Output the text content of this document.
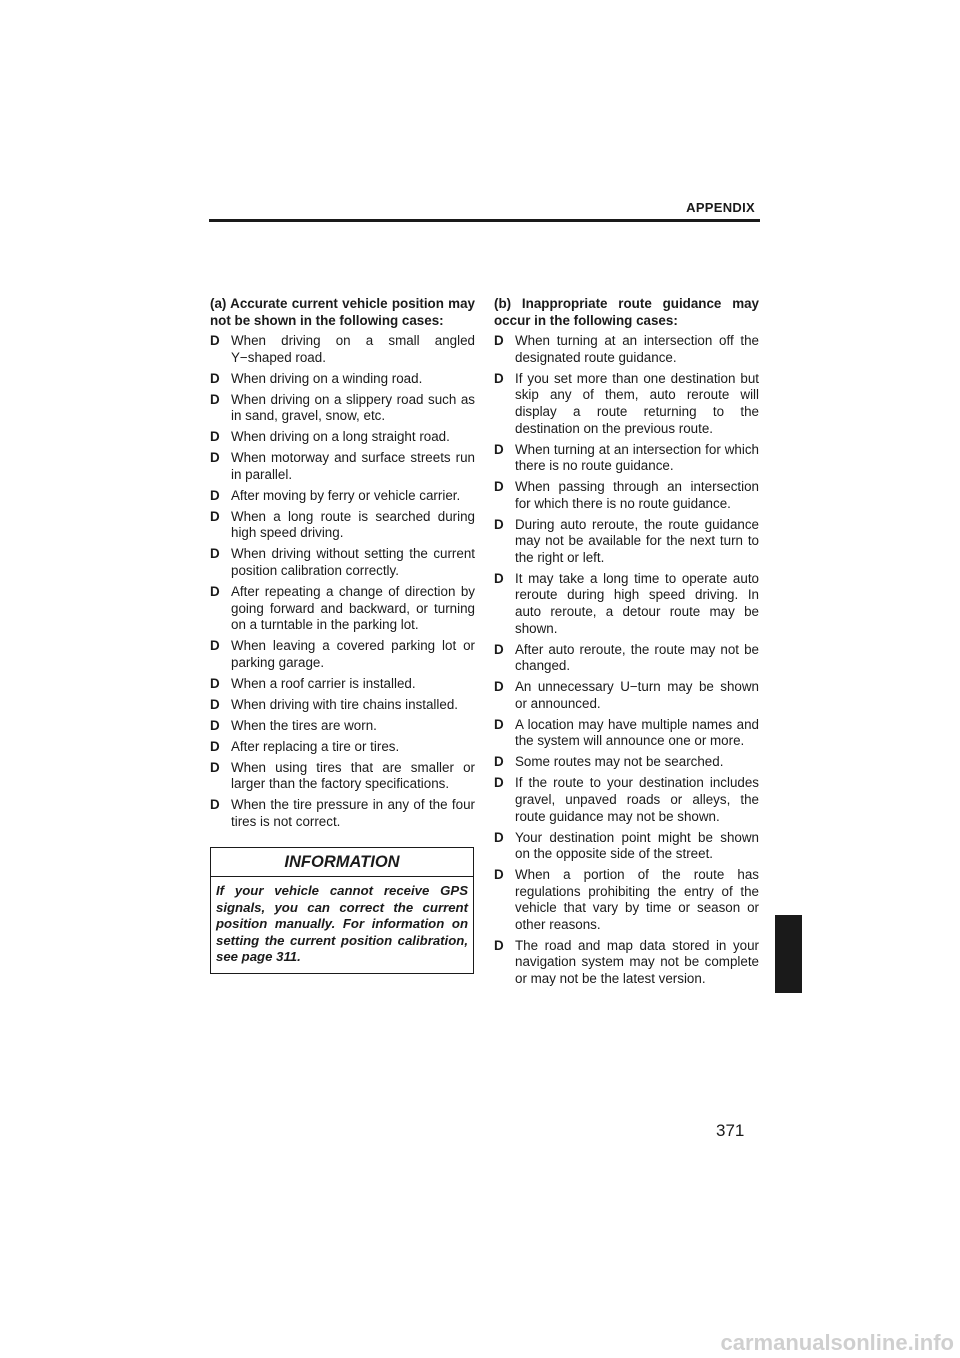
APPENDIX

(a) Accurate current vehicle position may not be shown in the following cases:

D When driving on a small angled Y−shaped road.
D When driving on a winding road.
D When driving on a slippery road such as in sand, gravel, snow, etc.
D When driving on a long straight road.
D When motorway and surface streets run in parallel.
D After moving by ferry or vehicle carrier.
D When a long route is searched during high speed driving.
D When driving without setting the current position calibration correctly.
D After repeating a change of direction by going forward and backward, or turning on a turntable in the parking lot.
D When leaving a covered parking lot or parking garage.
D When a roof carrier is installed.
D When driving with tire chains installed.
D When the tires are worn.
D After replacing a tire or tires.
D When using tires that are smaller or larger than the factory specifications.
D When the tire pressure in any of the four tires is not correct.
INFORMATION
If your vehicle cannot receive GPS signals, you can correct the current position manually. For information on setting the current position calibration, see page 311.

(b) Inappropriate route guidance may occur in the following cases:

D When turning at an intersection off the designated route guidance.
D If you set more than one destination but skip any of them, auto reroute will display a route returning to the destination on the previous route.
D When turning at an intersection for which there is no route guidance.
D When passing through an intersection for which there is no route guidance.
D During auto reroute, the route guidance may not be available for the next turn to the right or left.
D It may take a long time to operate auto reroute during high speed driving. In auto reroute, a detour route may be shown.
D After auto reroute, the route may not be changed.
D An unnecessary U−turn may be shown or announced.
D A location may have multiple names and the system will announce one or more.
D Some routes may not be searched.
D If the route to your destination includes gravel, unpaved roads or alleys, the route guidance may not be shown.
D Your destination point might be shown on the opposite side of the street.
D When a portion of the route has regulations prohibiting the entry of the vehicle that vary by time or season or other reasons.
D The road and map data stored in your navigation system may not be complete or may not be the latest version.
371
carmanualsonline.info
